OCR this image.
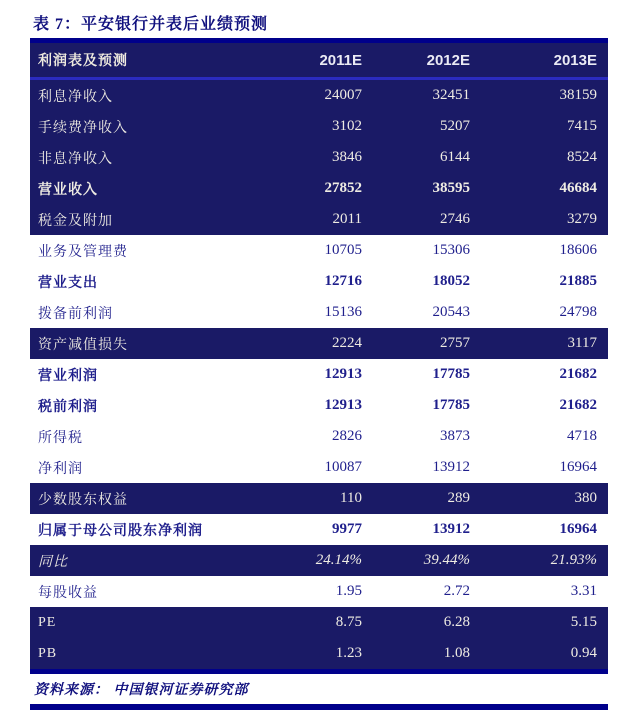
表 7：平安银行并表后业绩预测
利润表及预测	2011E	2012E	2013E
利息净收入	24007	32451	38159
手续费净收入	3102	5207	7415
非息净收入	3846	6144	8524
营业收入	27852	38595	46684
税金及附加	2011	2746	3279
业务及管理费	10705	15306	18606
营业支出	12716	18052	21885
拨备前利润	15136	20543	24798
资产减值损失	2224	2757	3117
营业利润	12913	17785	21682
税前利润	12913	17785	21682
所得税	2826	3873	4718
净利润	10087	13912	16964
少数股东权益	110	289	380
归属于母公司股东净利润	9977	13912	16964
同比	24.14%	39.44%	21.93%
每股收益	1.95	2.72	3.31
PE	8.75	6.28	5.15
PB	1.23	1.08	0.94
资料来源： 中国银河证券研究部
